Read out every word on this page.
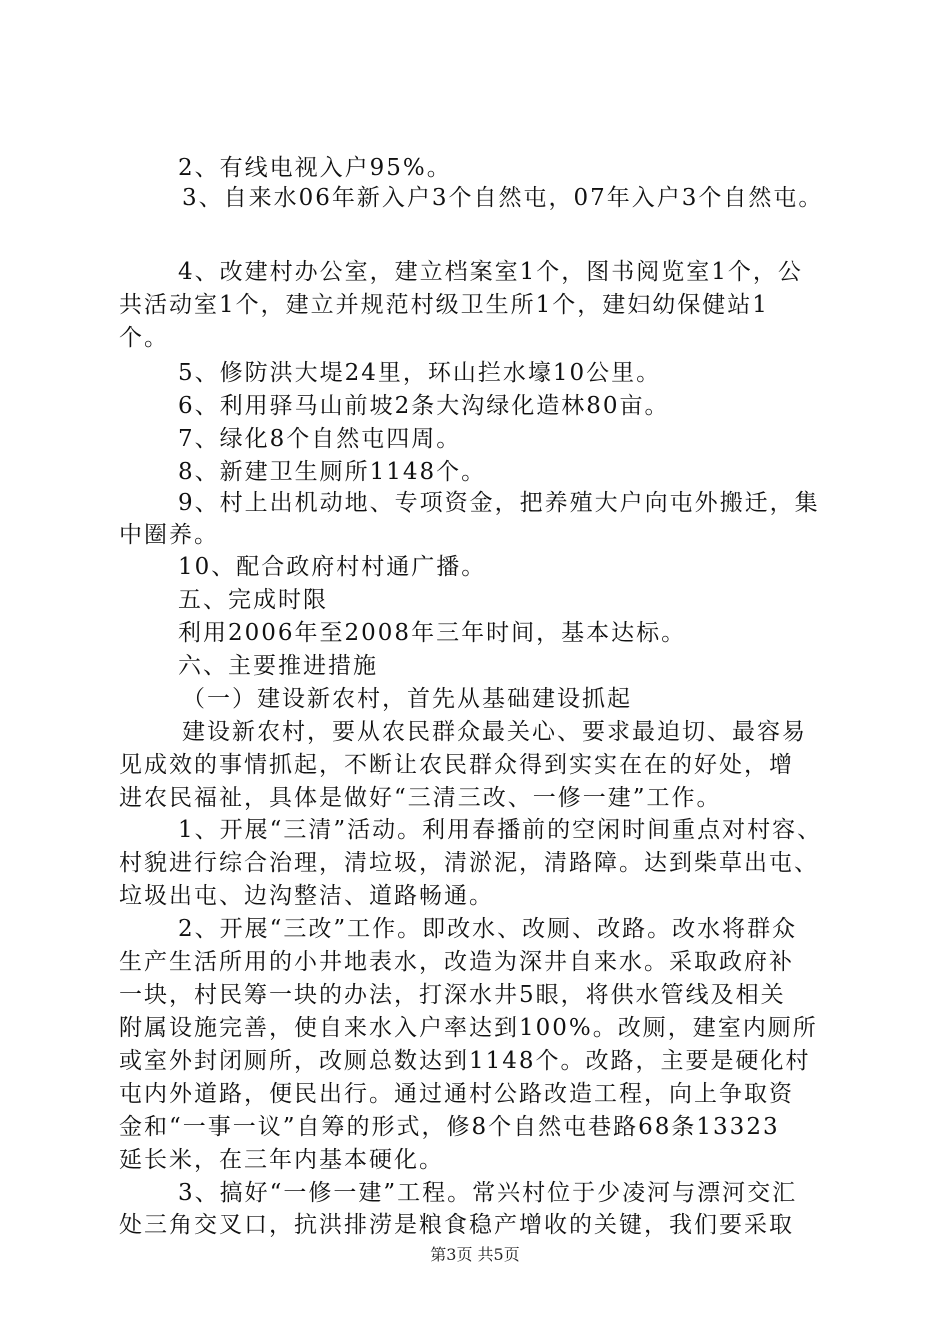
2、有线电视入户95%。
3、自来水06年新入户3个自然屯，07年入户3个自然屯。
4、改建村办公室，建立档案室1个，图书阅览室1个，公
共活动室1个，建立并规范村级卫生所1个，建妇幼保健站1
个。
5、修防洪大堤24里，环山拦水壕10公里。
6、利用驿马山前坡2条大沟绿化造林80亩。
7、绿化8个自然屯四周。
8、新建卫生厕所1148个。
9、村上出机动地、专项资金，把养殖大户向屯外搬迁，集
中圈养。
10、配合政府村村通广播。
五、完成时限
利用2006年至2008年三年时间，基本达标。
六、主要推进措施
（一）建设新农村，首先从基础建设抓起
建设新农村，要从农民群众最关心、要求最迫切、最容易
见成效的事情抓起，不断让农民群众得到实实在在的好处，增
进农民福祉，具体是做好“三清三改、一修一建”工作。
1、开展“三清”活动。利用春播前的空闲时间重点对村容、
村貌进行综合治理，清垃圾，清淤泥，清路障。达到柴草出屯、
垃圾出屯、边沟整洁、道路畅通。
2、开展“三改”工作。即改水、改厕、改路。改水将群众
生产生活所用的小井地表水，改造为深井自来水。采取政府补
一块，村民筹一块的办法，打深水井5眼，将供水管线及相关
附属设施完善，使自来水入户率达到100%。改厕，建室内厕所
或室外封闭厕所，改厕总数达到1148个。改路，主要是硬化村
屯内外道路，便民出行。通过通村公路改造工程，向上争取资
金和“一事一议”自筹的形式，修8个自然屯巷路68条13323
延长米，在三年内基本硬化。
3、搞好“一修一建”工程。常兴村位于少凌河与漂河交汇
处三角交叉口，抗洪排涝是粮食稳产增收的关键，我们要采取
第3页 共5页
